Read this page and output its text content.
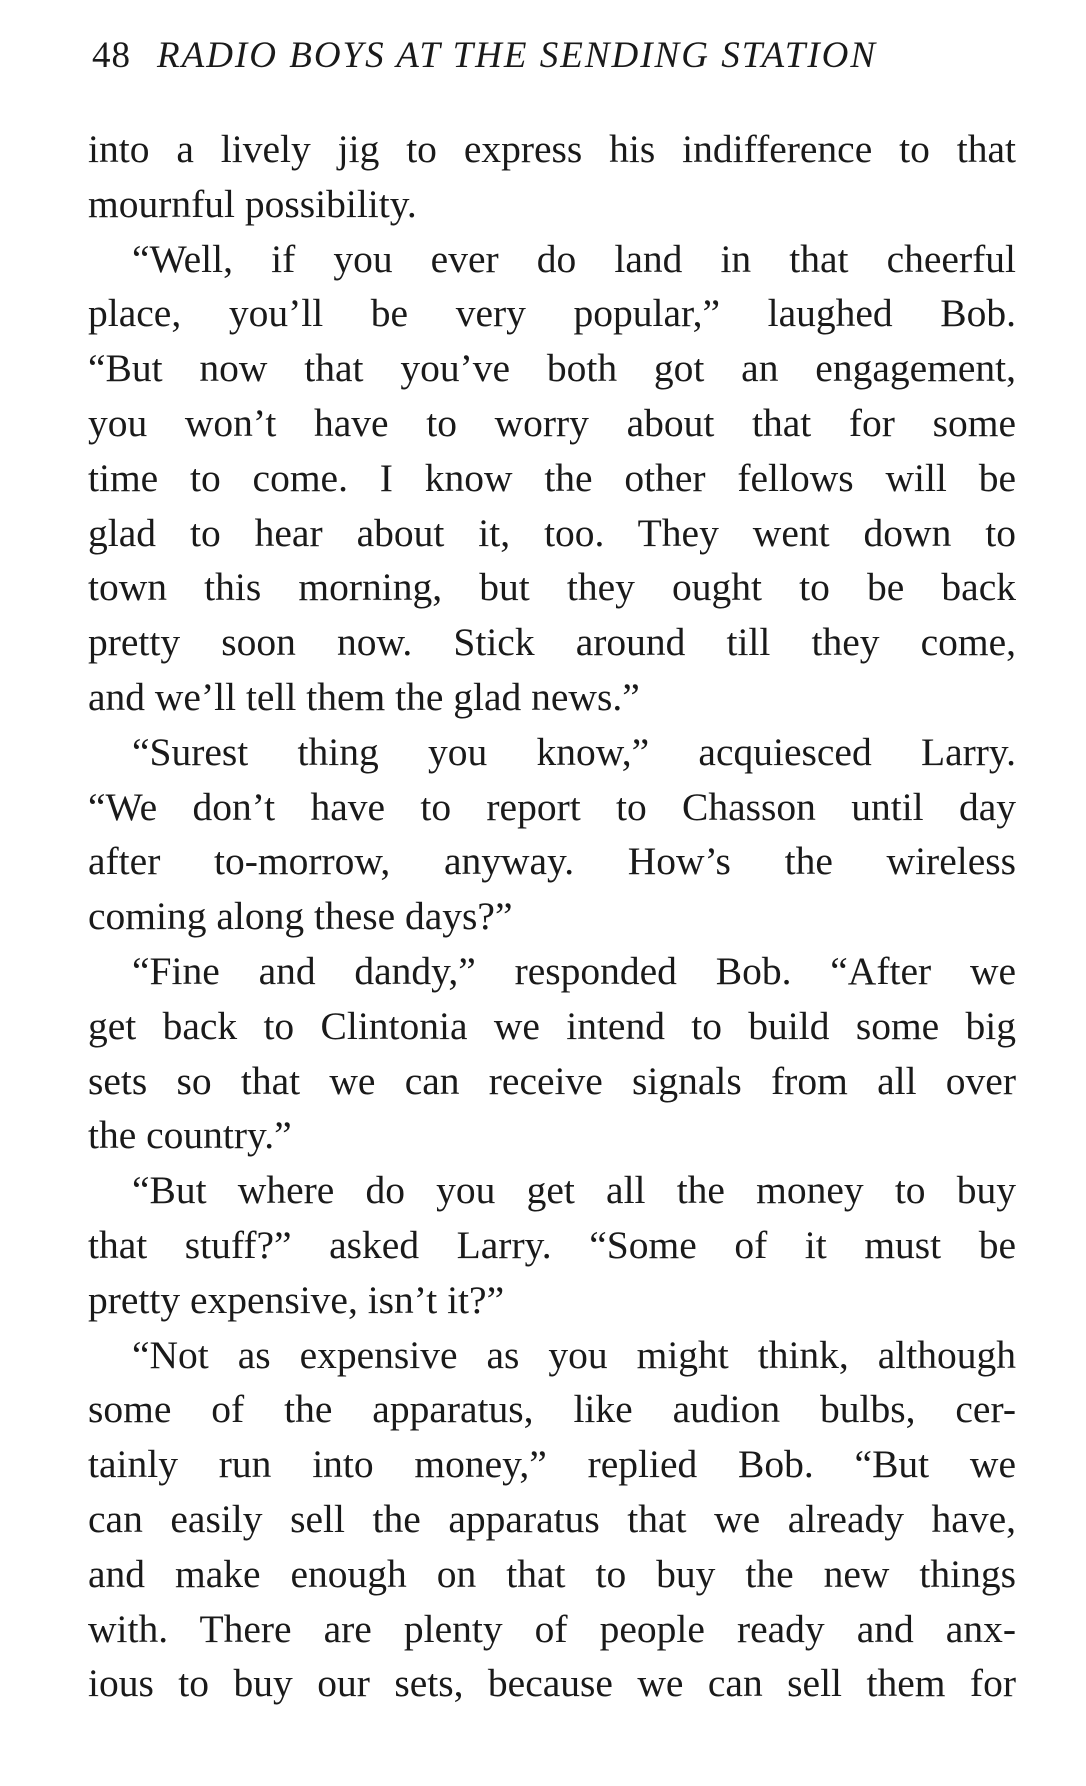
48 RADIO BOYS AT THE SENDING STATION
into a lively jig to express his indifference to that
mournful possibility.
“Well, if you ever do land in that cheerful
place, you’ll be very popular,” laughed Bob.
“But now that you’ve both got an engagement,
you won’t have to worry about that for some
time to come. I know the other fellows will be
glad to hear about it, too. They went down to
town this morning, but they ought to be back
pretty soon now. Stick around till they come,
and we’ll tell them the glad news.”
“Surest thing you know,” acquiesced Larry.
“We don’t have to report to Chasson until day
after to-morrow, anyway. How’s the wireless
coming along these days?”
“Fine and dandy,” responded Bob. “After we
get back to Clintonia we intend to build some big
sets so that we can receive signals from all over
the country.”
“But where do you get all the money to buy
that stuff?” asked Larry. “Some of it must be
pretty expensive, isn’t it?”
“Not as expensive as you might think, although
some of the apparatus, like audion bulbs, cer-
tainly run into money,” replied Bob. “But we
can easily sell the apparatus that we already have,
and make enough on that to buy the new things
with. There are plenty of people ready and anx-
ious to buy our sets, because we can sell them for
